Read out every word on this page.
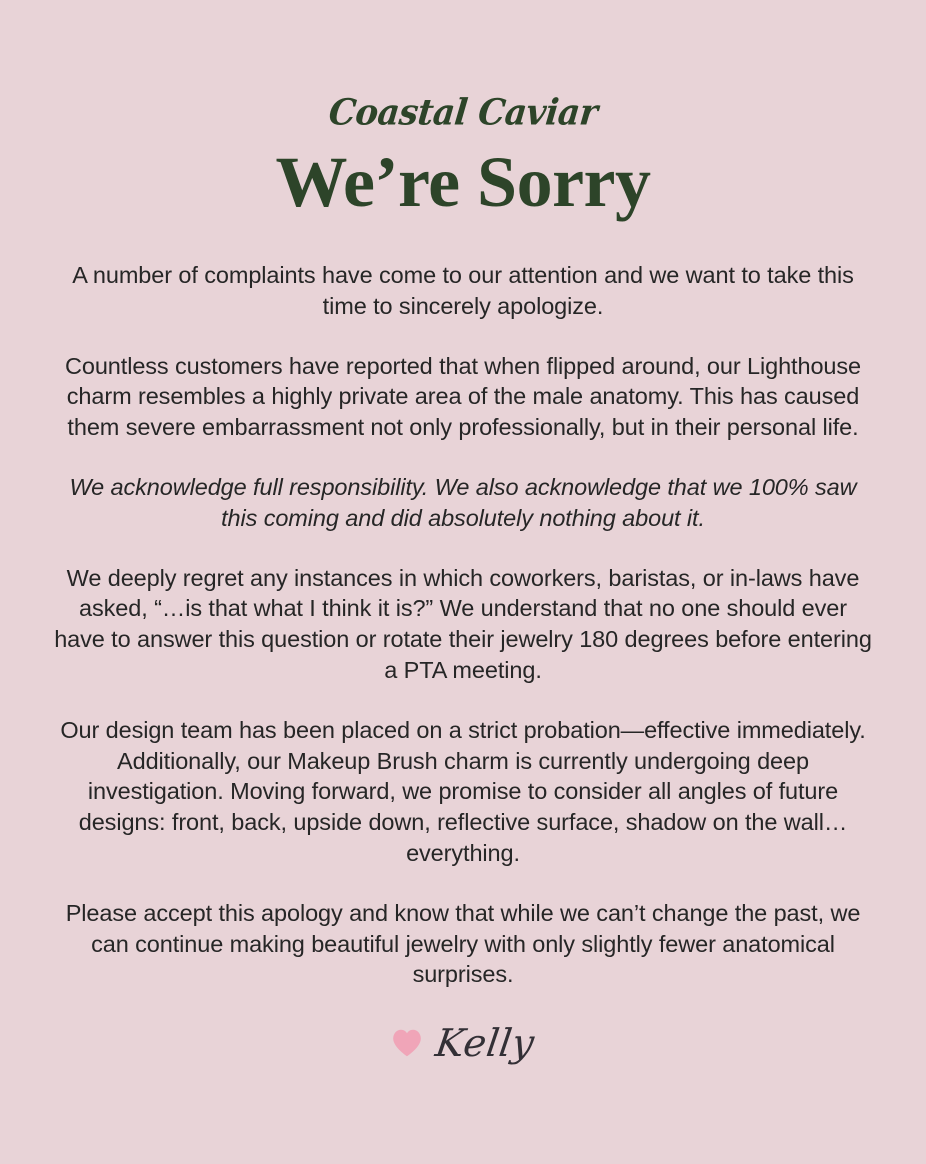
Coastal Caviar
We’re Sorry

A number of complaints have come to our attention and we want to take this time to sincerely apologize.

Countless customers have reported that when flipped around, our Lighthouse charm resembles a highly private area of the male anatomy. This has caused them severe embarrassment not only professionally, but in their personal life.

We acknowledge full responsibility. We also acknowledge that we 100% saw this coming and did absolutely nothing about it.

We deeply regret any instances in which coworkers, baristas, or in-laws have asked, “…is that what I think it is?” We understand that no one should ever have to answer this question or rotate their jewelry 180 degrees before entering a PTA meeting.

Our design team has been placed on a strict probation—effective immediately. Additionally, our Makeup Brush charm is currently undergoing deep investigation. Moving forward, we promise to consider all angles of future designs: front, back, upside down, reflective surface, shadow on the wall… everything.

Please accept this apology and know that while we can’t change the past, we can continue making beautiful jewelry with only slightly fewer anatomical surprises.

Kelly
